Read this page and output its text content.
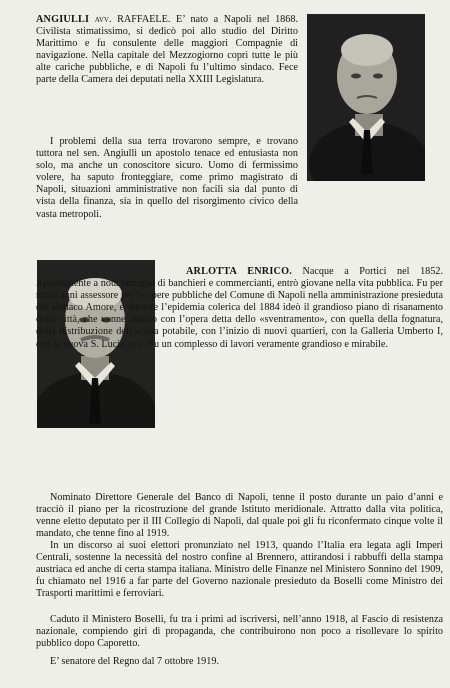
ANGIULLI avv. RAFFAELE. E’ nato a Napoli nel 1868. Civilista stimatissimo, si dedicò poi allo studio del Diritto Marittimo e fu consulente delle maggiori Compagnie di navigazione. Nella capitale del Mezzogiorno coprì tutte le più alte cariche pubbliche, e di Napoli fu l’ultimo sindaco. Fece parte della Camera dei deputati nella XXIII Legislatura.
I problemi della sua terra trovarono sempre, e trovano tuttora nel sen. Angiulli un apostolo tenace ed entusiasta non solo, ma anche un conoscitore sicuro. Uomo di fermissimo volere, ha saputo fronteggiare, come primo magistrato di Napoli, situazioni amministrative non facili sia dal punto di vista della finanza, sia in quello del risorgimento civico della vasta metropoli.
ARLOTTA ENRICO. Nacque a Portici nel 1852. Appartenente a nota famiglia di banchieri e commercianti, entrò giovane nella vita pubblica. Fu per molti anni assessore per le opere pubbliche del Comune di Napoli nella amministrazione presieduta dal sindaco Amore, e durante l’epidemia colerica del 1884 ideò il grandioso piano di risanamento della città, che venne attuato con l’opera detta dello «sventramento», con quella della fognatura, della distribuzione dell’acqua potabile, con l’inizio di nuovi quartieri, con la Galleria Umberto I, con la nuova S. Lucia, ecc. Fu un complesso di lavori veramente grandioso e mirabile.
Nominato Direttore Generale del Banco di Napoli, tenne il posto durante un paio d’anni e tracciò il piano per la ricostruzione del grande Istituto meridionale. Attratto dalla vita politica, venne eletto deputato per il III Collegio di Napoli, dal quale poi gli fu riconfermato cinque volte il mandato, che tenne fino al 1919.
In un discorso ai suoi elettori pronunziato nel 1913, quando l’Italia era legata agli Imperi Centrali, sostenne la necessità del nostro confine al Brennero, attirandosi i rabbuffi della stampa austriaca ed anche di certa stampa italiana. Ministro delle Finanze nel Ministero Sonnino del 1909, fu chiamato nel 1916 a far parte del Governo nazionale presieduto da Boselli come Ministro dei Trasporti marittimi e ferroviari.
Caduto il Ministero Boselli, fu tra i primi ad iscriversi, nell’anno 1918, al Fascio di resistenza nazionale, compiendo giri di propaganda, che contribuirono non poco a risollevare lo spirito pubblico dopo Caporetto.
E’ senatore del Regno dal 7 ottobre 1919.
